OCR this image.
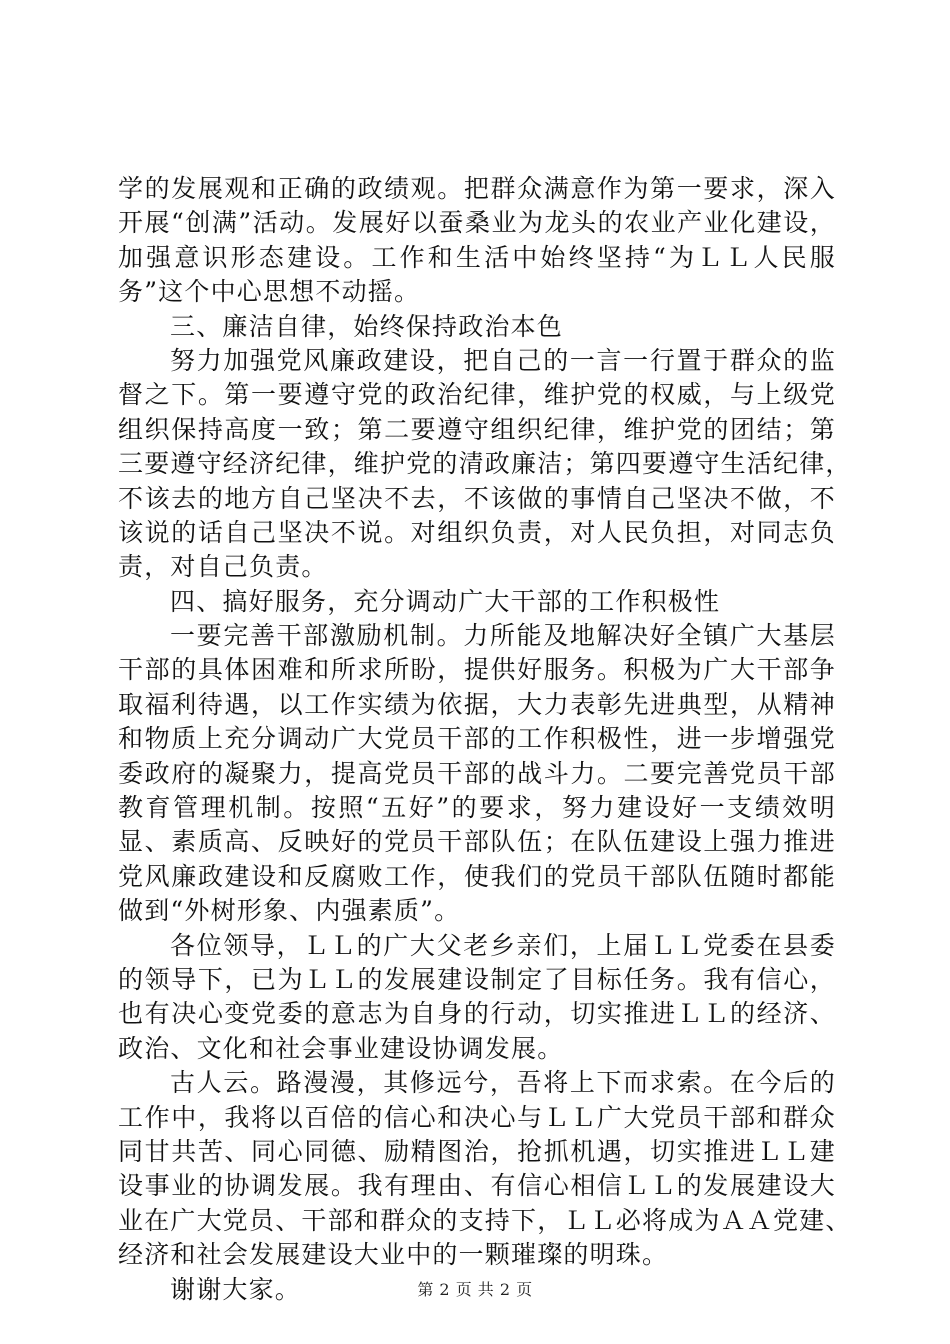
学的发展观和正确的政绩观。把群众满意作为第一要求，深入
开展“创满”活动。发展好以蚕桑业为龙头的农业产业化建设，
加强意识形态建设。工作和生活中始终坚持“为ＬＬ人民服
务”这个中心思想不动摇。
三、廉洁自律，始终保持政治本色
努力加强党风廉政建设，把自己的一言一行置于群众的监
督之下。第一要遵守党的政治纪律，维护党的权威，与上级党
组织保持高度一致；第二要遵守组织纪律，维护党的团结；第
三要遵守经济纪律，维护党的清政廉洁；第四要遵守生活纪律，
不该去的地方自己坚决不去，不该做的事情自己坚决不做，不
该说的话自己坚决不说。对组织负责，对人民负担，对同志负
责，对自己负责。
四、搞好服务，充分调动广大干部的工作积极性
一要完善干部激励机制。力所能及地解决好全镇广大基层
干部的具体困难和所求所盼，提供好服务。积极为广大干部争
取福利待遇，以工作实绩为依据，大力表彰先进典型，从精神
和物质上充分调动广大党员干部的工作积极性，进一步增强党
委政府的凝聚力，提高党员干部的战斗力。二要完善党员干部
教育管理机制。按照“五好”的要求，努力建设好一支绩效明
显、素质高、反映好的党员干部队伍；在队伍建设上强力推进
党风廉政建设和反腐败工作，使我们的党员干部队伍随时都能
做到“外树形象、内强素质”。
各位领导，ＬＬ的广大父老乡亲们，上届ＬＬ党委在县委
的领导下，已为ＬＬ的发展建设制定了目标任务。我有信心，
也有决心变党委的意志为自身的行动，切实推进ＬＬ的经济、
政治、文化和社会事业建设协调发展。
古人云。路漫漫，其修远兮，吾将上下而求索。在今后的
工作中，我将以百倍的信心和决心与ＬＬ广大党员干部和群众
同甘共苦、同心同德、励精图治，抢抓机遇，切实推进ＬＬ建
设事业的协调发展。我有理由、有信心相信ＬＬ的发展建设大
业在广大党员、干部和群众的支持下，ＬＬ必将成为ＡＡ党建、
经济和社会发展建设大业中的一颗璀璨的明珠。
谢谢大家。	第 2 页 共 2 页
